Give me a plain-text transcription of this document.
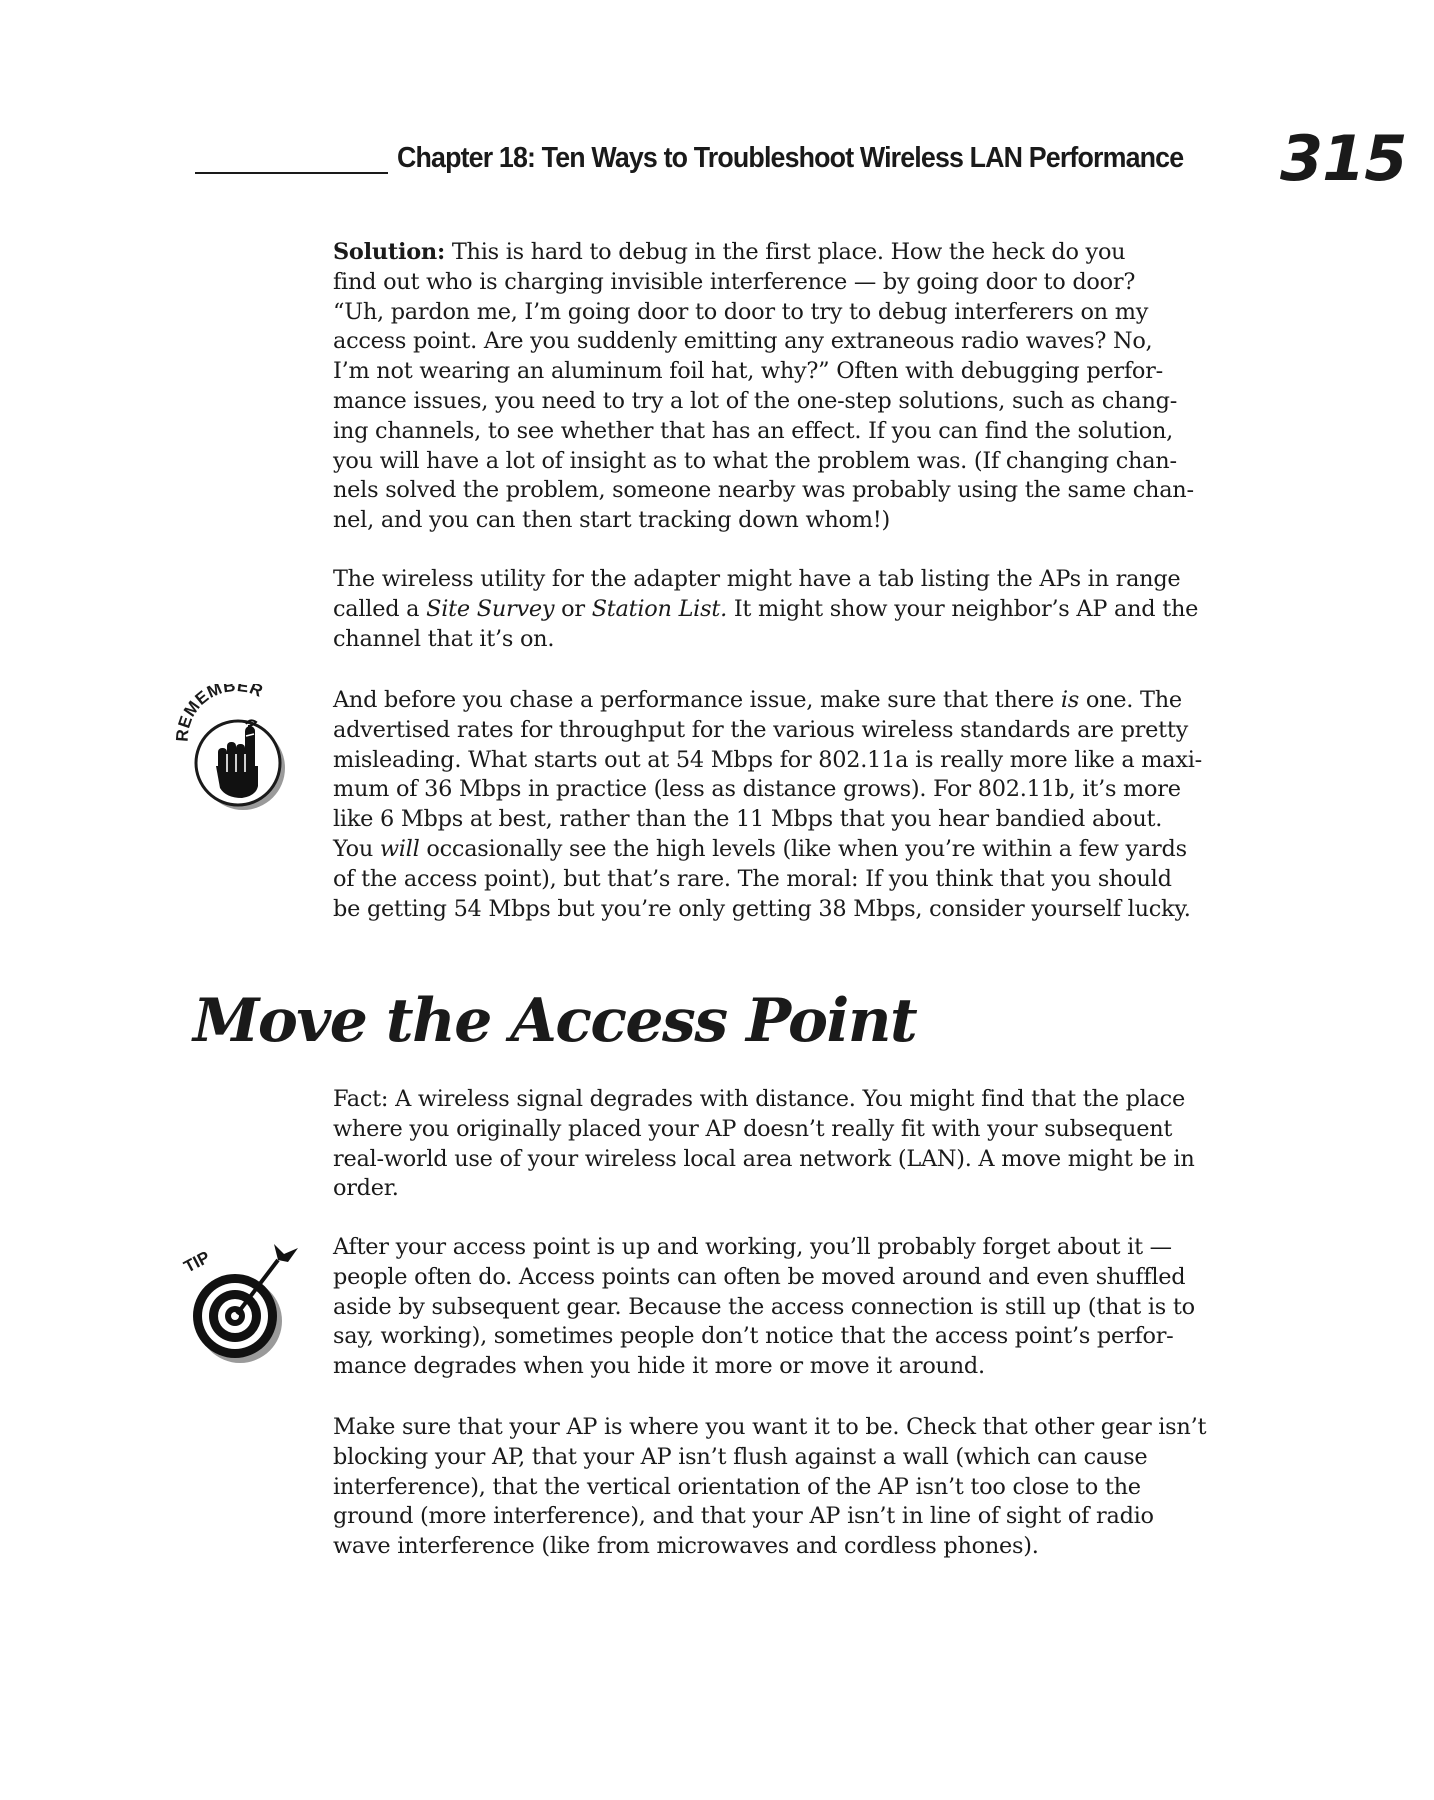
Chapter 18: Ten Ways to Troubleshoot Wireless LAN Performance 315

Solution: This is hard to debug in the first place. How the heck do you
find out who is charging invisible interference — by going door to door?
“Uh, pardon me, I’m going door to door to try to debug interferers on my
access point. Are you suddenly emitting any extraneous radio waves? No,
I’m not wearing an aluminum foil hat, why?” Often with debugging perfor-
mance issues, you need to try a lot of the one-step solutions, such as chang-
ing channels, to see whether that has an effect. If you can find the solution,
you will have a lot of insight as to what the problem was. (If changing chan-
nels solved the problem, someone nearby was probably using the same chan-
nel, and you can then start tracking down whom!)

The wireless utility for the adapter might have a tab listing the APs in range
called a Site Survey or Station List. It might show your neighbor’s AP and the
channel that it’s on.

REMEMBER	And before you chase a performance issue, make sure that there is one. The
advertised rates for throughput for the various wireless standards are pretty
misleading. What starts out at 54 Mbps for 802.11a is really more like a maxi-
mum of 36 Mbps in practice (less as distance grows). For 802.11b, it’s more
like 6 Mbps at best, rather than the 11 Mbps that you hear bandied about.
You will occasionally see the high levels (like when you’re within a few yards
of the access point), but that’s rare. The moral: If you think that you should
be getting 54 Mbps but you’re only getting 38 Mbps, consider yourself lucky.

Move the Access Point

Fact: A wireless signal degrades with distance. You might find that the place
where you originally placed your AP doesn’t really fit with your subsequent
real-world use of your wireless local area network (LAN). A move might be in
order.

TIP

After your access point is up and working, you’ll probably forget about it —
people often do. Access points can often be moved around and even shuffled
aside by subsequent gear. Because the access connection is still up (that is to
say, working), sometimes people don’t notice that the access point’s perfor-
mance degrades when you hide it more or move it around.

Make sure that your AP is where you want it to be. Check that other gear isn’t
blocking your AP, that your AP isn’t flush against a wall (which can cause
interference), that the vertical orientation of the AP isn’t too close to the
ground (more interference), and that your AP isn’t in line of sight of radio
wave interference (like from microwaves and cordless phones).
